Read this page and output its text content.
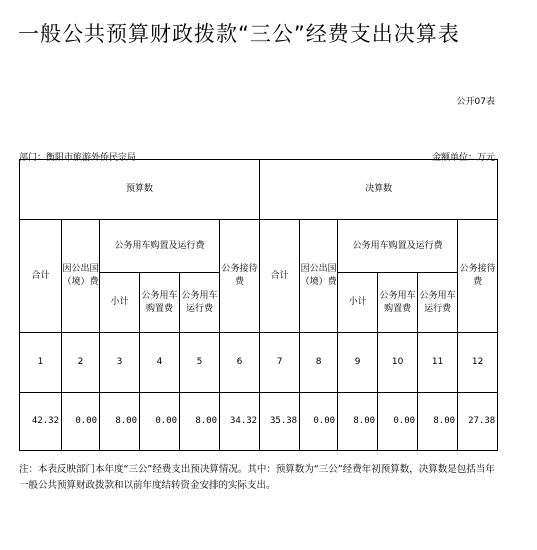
一般公共预算财政拨款“三公”经费支出决算表
公开07表
部门：衡阳市旅游外侨民宗局	金额单位：万元
预算数						决算数					
合计	因公出国（境）费	公务用车购置及运行费			公务接待费	合计	因公出国（境）费	公务用车购置及运行费			公务接待费
		小计	公务用车购置费	公务用车运行费				小计	公务用车购置费	公务用车运行费	
1	2	3	4	5	6	7	8	9	10	11	12
42.32	0.00	8.00	0.00	8.00	34.32	35.38	0.00	8.00	0.00	8.00	27.38
注：本表反映部门本年度“三公”经费支出预决算情况。其中：预算数为“三公”经费年初预算数，决算数是包括当年一般公共预算财政拨款和以前年度结转资金安排的实际支出。
